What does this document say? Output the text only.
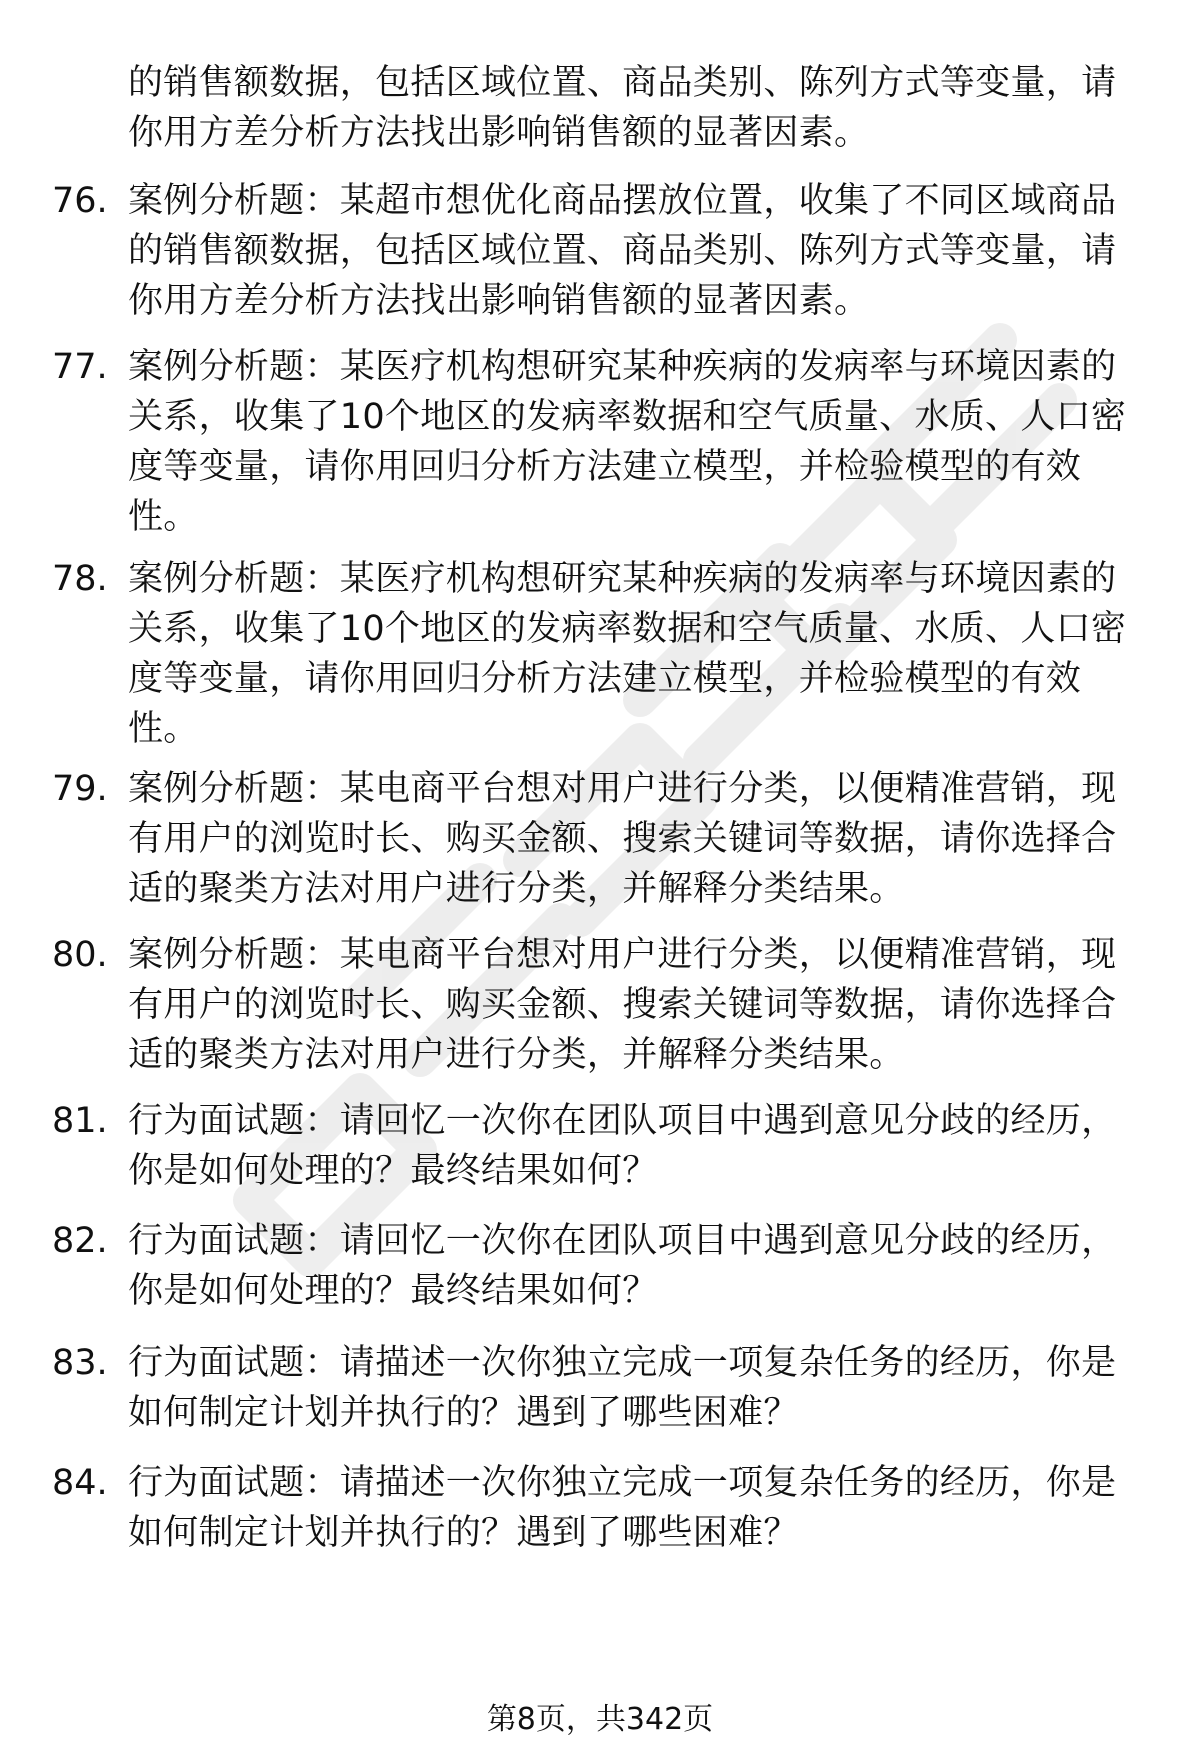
的销售额数据，包括区域位置、商品类别、陈列方式等变量，请
你用方差分析方法找出影响销售额的显著因素。
76. 案例分析题：某超市想优化商品摆放位置，收集了不同区域商品
的销售额数据，包括区域位置、商品类别、陈列方式等变量，请
你用方差分析方法找出影响销售额的显著因素。
77. 案例分析题：某医疗机构想研究某种疾病的发病率与环境因素的
关系，收集了10个地区的发病率数据和空气质量、水质、人口密
度等变量，请你用回归分析方法建立模型，并检验模型的有效
性。
78. 案例分析题：某医疗机构想研究某种疾病的发病率与环境因素的
关系，收集了10个地区的发病率数据和空气质量、水质、人口密
度等变量，请你用回归分析方法建立模型，并检验模型的有效
性。
79. 案例分析题：某电商平台想对用户进行分类，以便精准营销，现
有用户的浏览时长、购买金额、搜索关键词等数据，请你选择合
适的聚类方法对用户进行分类，并解释分类结果。
80. 案例分析题：某电商平台想对用户进行分类，以便精准营销，现
有用户的浏览时长、购买金额、搜索关键词等数据，请你选择合
适的聚类方法对用户进行分类，并解释分类结果。
81. 行为面试题：请回忆一次你在团队项目中遇到意见分歧的经历，
你是如何处理的？最终结果如何？
82. 行为面试题：请回忆一次你在团队项目中遇到意见分歧的经历，
你是如何处理的？最终结果如何？
83. 行为面试题：请描述一次你独立完成一项复杂任务的经历，你是
如何制定计划并执行的？遇到了哪些困难？
84. 行为面试题：请描述一次你独立完成一项复杂任务的经历，你是
如何制定计划并执行的？遇到了哪些困难？
第8页，共342页
